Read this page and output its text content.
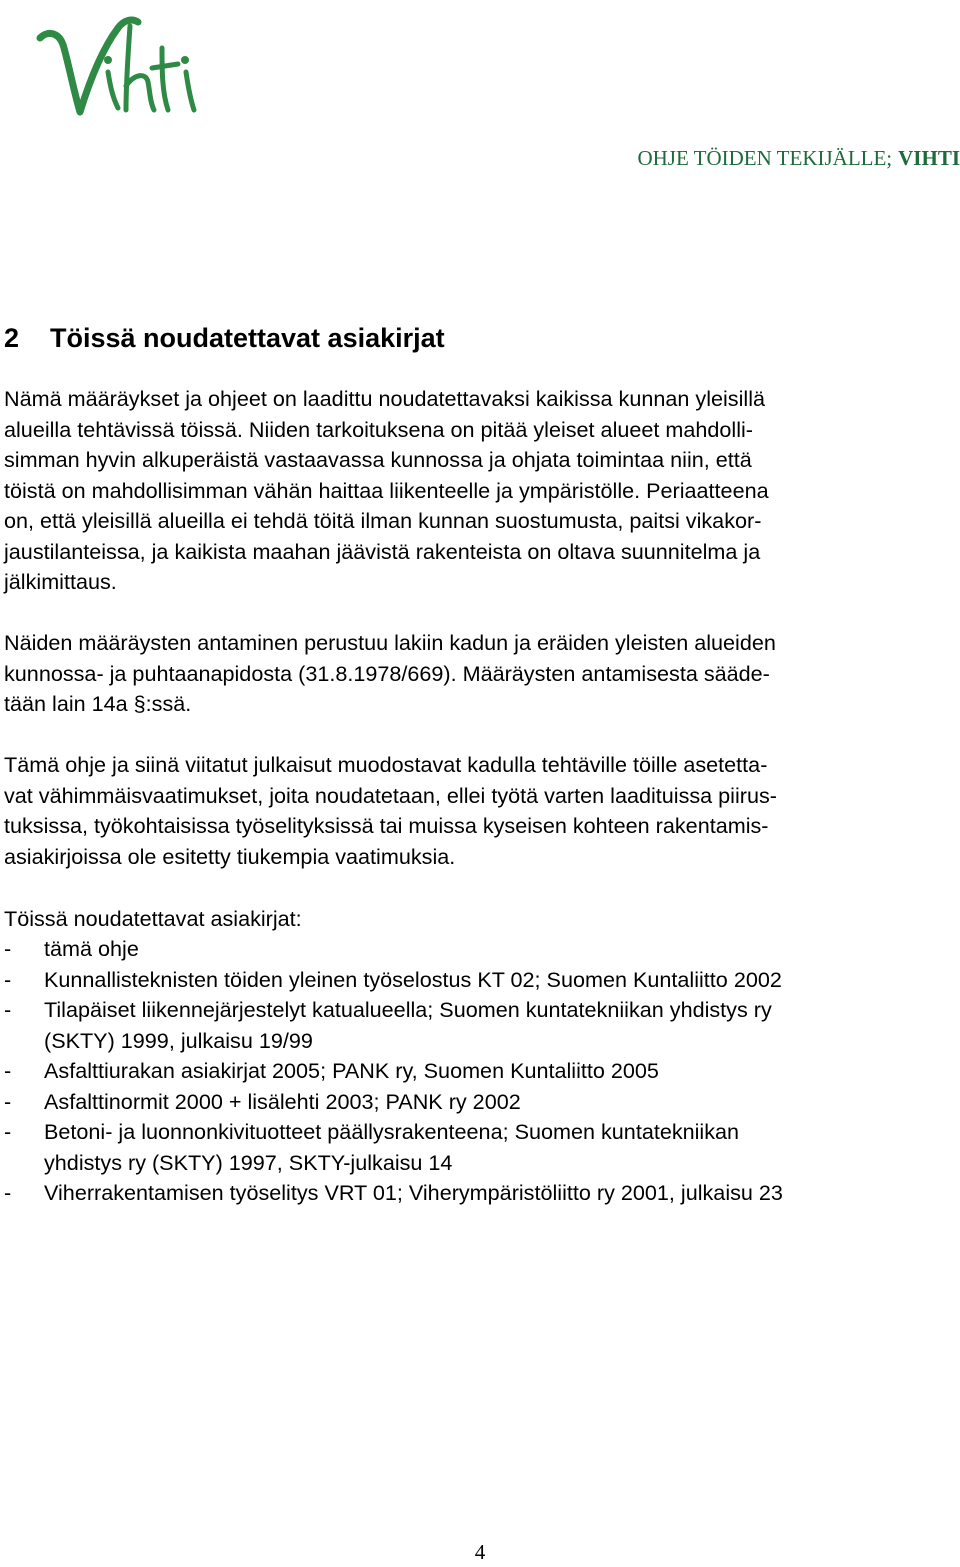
OHJE TÖIDEN TEKIJÄLLE; VIHTI
2 Töissä noudatettavat asiakirjat

Nämä määräykset ja ohjeet on laadittu noudatettavaksi kaikissa kunnan yleisillä
alueilla tehtävissä töissä. Niiden tarkoituksena on pitää yleiset alueet mahdolli-
simman hyvin alkuperäistä vastaavassa kunnossa ja ohjata toimintaa niin, että
töistä on mahdollisimman vähän haittaa liikenteelle ja ympäristölle. Periaatteena
on, että yleisillä alueilla ei tehdä töitä ilman kunnan suostumusta, paitsi vikakor-
jaustilanteissa, ja kaikista maahan jäävistä rakenteista on oltava suunnitelma ja
jälkimittaus.

Näiden määräysten antaminen perustuu lakiin kadun ja eräiden yleisten alueiden
kunnossa- ja puhtaanapidosta (31.8.1978/669). Määräysten antamisesta sääde-
tään lain 14a §:ssä.

Tämä ohje ja siinä viitatut julkaisut muodostavat kadulla tehtäville töille asetetta-
vat vähimmäisvaatimukset, joita noudatetaan, ellei työtä varten laadituissa piirus-
tuksissa, työkohtaisissa työselityksissä tai muissa kyseisen kohteen rakentamis-
asiakirjoissa ole esitetty tiukempia vaatimuksia.

Töissä noudatettavat asiakirjat:

- tämä ohje
- Kunnallisteknisten töiden yleinen työselostus KT 02; Suomen Kuntaliitto 2002
- Tilapäiset liikennejärjestelyt katualueella; Suomen kuntatekniikan yhdistys ry
(SKTY) 1999, julkaisu 19/99
- Asfalttiurakan asiakirjat 2005; PANK ry, Suomen Kuntaliitto 2005
- Asfalttinormit 2000 + lisälehti 2003; PANK ry 2002
- Betoni- ja luonnonkivituotteet päällysrakenteena; Suomen kuntatekniikan
yhdistys ry (SKTY) 1997, SKTY-julkaisu 14
- Viherrakentamisen työselitys VRT 01; Viherympäristöliitto ry 2001, julkaisu 23
4
